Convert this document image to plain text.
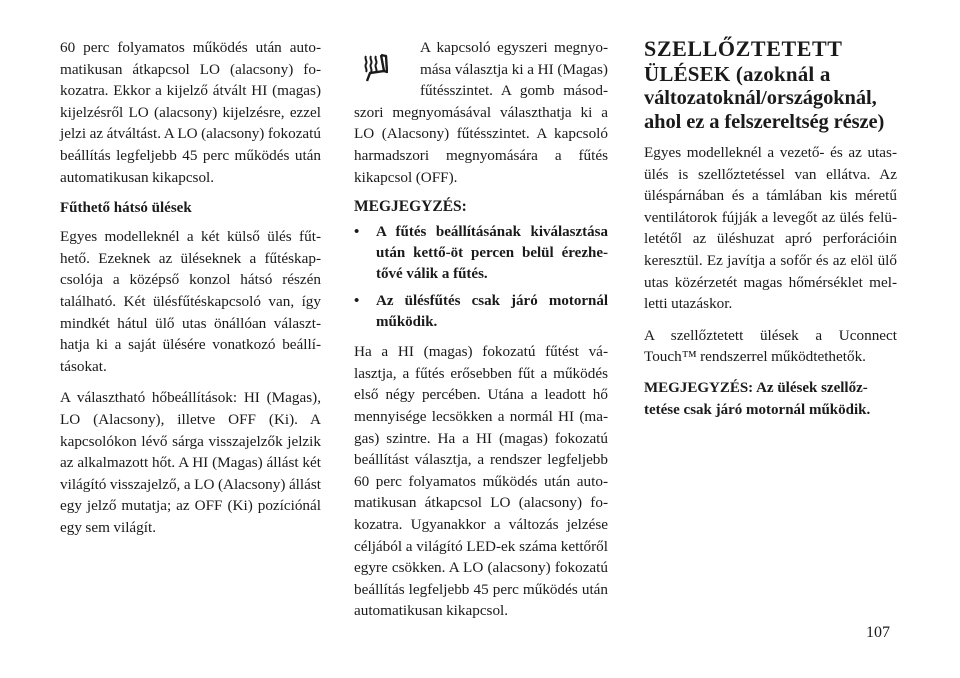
60 perc folyamatos működés után automatikusan átkapcsol LO (alacsony) fokozatra. Ekkor a kijelző átvált HI (magas) kijelzésről LO (alacsony) kijelzésre, ezzel jelzi az átváltást. A LO (alacsony) fokozatú beállítás legfeljebb 45 perc működés után automatikusan kikapcsol.

Fűthető hátsó ülések

Egyes modelleknél a két külső ülés fűthető. Ezeknek az üléseknek a fűtéskapcsolója a középső konzol hátsó részén található. Két ülésfűtéskapcsoló van, így mindkét hátul ülő utas önállóan választhatja ki a saját ülésére vonatkozó beállításokat.

A választható hőbeállítások: HI (Magas), LO (Alacsony), illetve OFF (Ki). A kapcsolókon lévő sárga visszajelzők jelzik az alkalmazott hőt. A HI (Magas) állást két világító visszajelző, a LO (Alacsony) állást egy jelző mutatja; az OFF (Ki) pozíciónál egy sem világít.

A kapcsoló egyszeri megnyomása választja ki a HI (Magas) fűtésszintet. A gomb másodszori megnyomásával választhatja ki a LO (Alacsony) fűtésszintet. A kapcsoló harmadszori megnyomására a fűtés kikapcsol (OFF).

MEGJEGYZÉS:

• A fűtés beállításának kiválasztása után kettő-öt percen belül érezhetővé válik a fűtés.
• Az ülésfűtés csak járó motornál működik.

Ha a HI (magas) fokozatú fűtést választja, a fűtés erősebben fűt a működés első négy percében. Utána a leadott hő mennyisége lecsökken a normál HI (magas) szintre. Ha a HI (magas) fokozatú beállítást választja, a rendszer legfeljebb 60 perc folyamatos működés után automatikusan átkapcsol LO (alacsony) fokozatra. Ugyanakkor a változás jelzése céljából a világító LED-ek száma kettőről egyre csökken. A LO (alacsony) fokozatú beállítás legfeljebb 45 perc működés után automatikusan kikapcsol.

SZELLŐZTETETT
ÜLÉSEK (azoknál a
változatoknál/országoknál,
ahol ez a felszereltség része)

Egyes modelleknél a vezető- és az utasülés is szellőztetéssel van ellátva. Az üléspárnában és a támlában kis méretű ventilátorok fújják a levegőt az ülés felületétől az üléshuzat apró perforációin keresztül. Ez javítja a sofőr és az elöl ülő utas közérzetét magas hőmérséklet melletti utazáskor.

A szellőztetett ülések a Uconnect Touch™ rendszerrel működtethetők.

MEGJEGYZÉS: Az ülések szellőztetése csak járó motornál működik.

107
